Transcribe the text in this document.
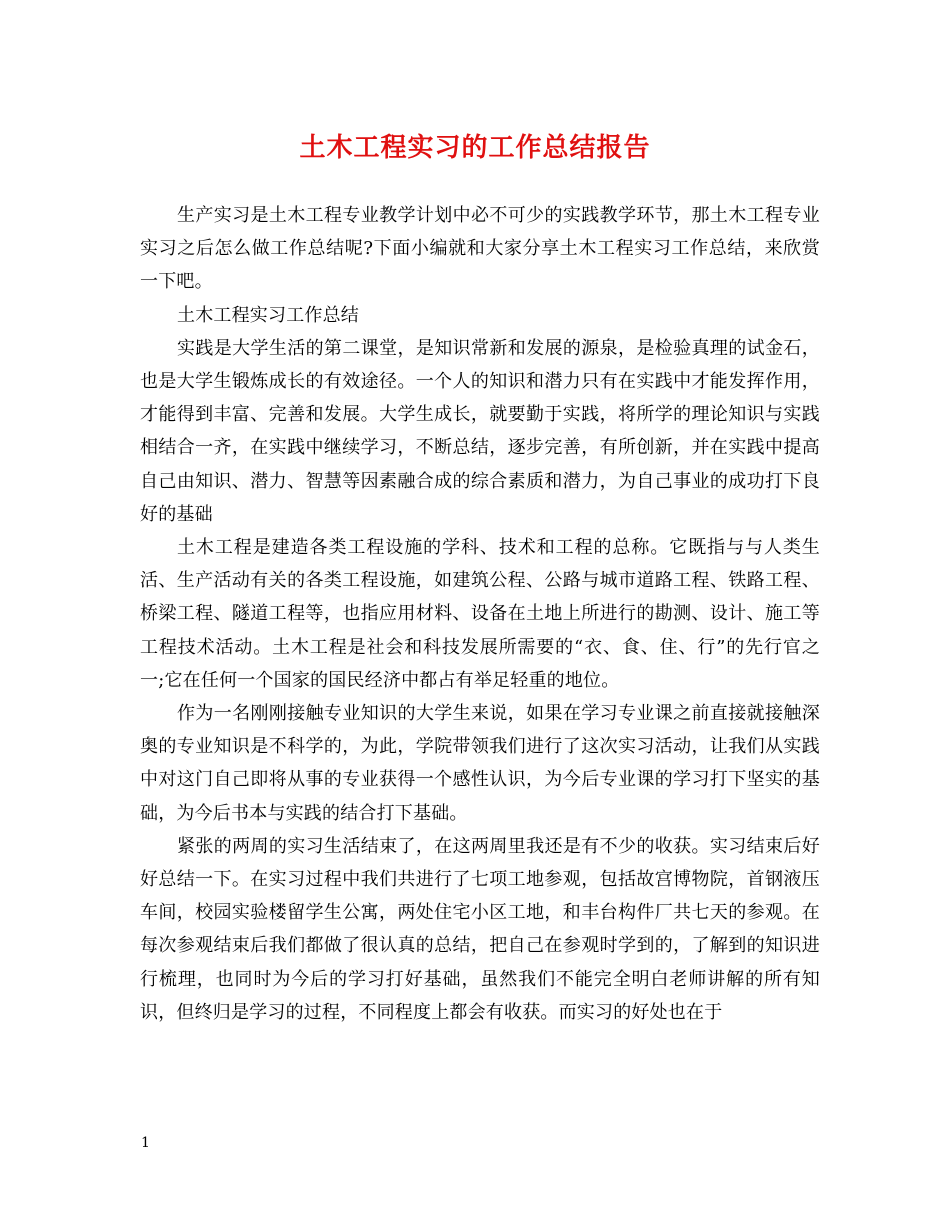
土木工程实习的工作总结报告

生产实习是土木工程专业教学计划中必不可少的实践教学环节，那土木工程专业实习之后怎么做工作总结呢?下面小编就和大家分享土木工程实习工作总结，来欣赏一下吧。

土木工程实习工作总结

实践是大学生活的第二课堂，是知识常新和发展的源泉，是检验真理的试金石，也是大学生锻炼成长的有效途径。一个人的知识和潜力只有在实践中才能发挥作用，才能得到丰富、完善和发展。大学生成长，就要勤于实践，将所学的理论知识与实践相结合一齐，在实践中继续学习，不断总结，逐步完善，有所创新，并在实践中提高自己由知识、潜力、智慧等因素融合成的综合素质和潜力，为自己事业的成功打下良好的基础

土木工程是建造各类工程设施的学科、技术和工程的总称。它既指与与人类生活、生产活动有关的各类工程设施，如建筑公程、公路与城市道路工程、铁路工程、桥梁工程、隧道工程等，也指应用材料、设备在土地上所进行的勘测、设计、施工等工程技术活动。土木工程是社会和科技发展所需要的“衣、食、住、行”的先行官之一;它在任何一个国家的国民经济中都占有举足轻重的地位。

作为一名刚刚接触专业知识的大学生来说，如果在学习专业课之前直接就接触深奥的专业知识是不科学的，为此，学院带领我们进行了这次实习活动，让我们从实践中对这门自己即将从事的专业获得一个感性认识，为今后专业课的学习打下坚实的基础，为今后书本与实践的结合打下基础。

紧张的两周的实习生活结束了，在这两周里我还是有不少的收获。实习结束后好好总结一下。在实习过程中我们共进行了七项工地参观，包括故宫博物院，首钢液压车间，校园实验楼留学生公寓，两处住宅小区工地，和丰台构件厂共七天的参观。在每次参观结束后我们都做了很认真的总结，把自己在参观时学到的，了解到的知识进行梳理，也同时为今后的学习打好基础，虽然我们不能完全明白老师讲解的所有知识，但终归是学习的过程，不同程度上都会有收获。而实习的好处也在于

1
